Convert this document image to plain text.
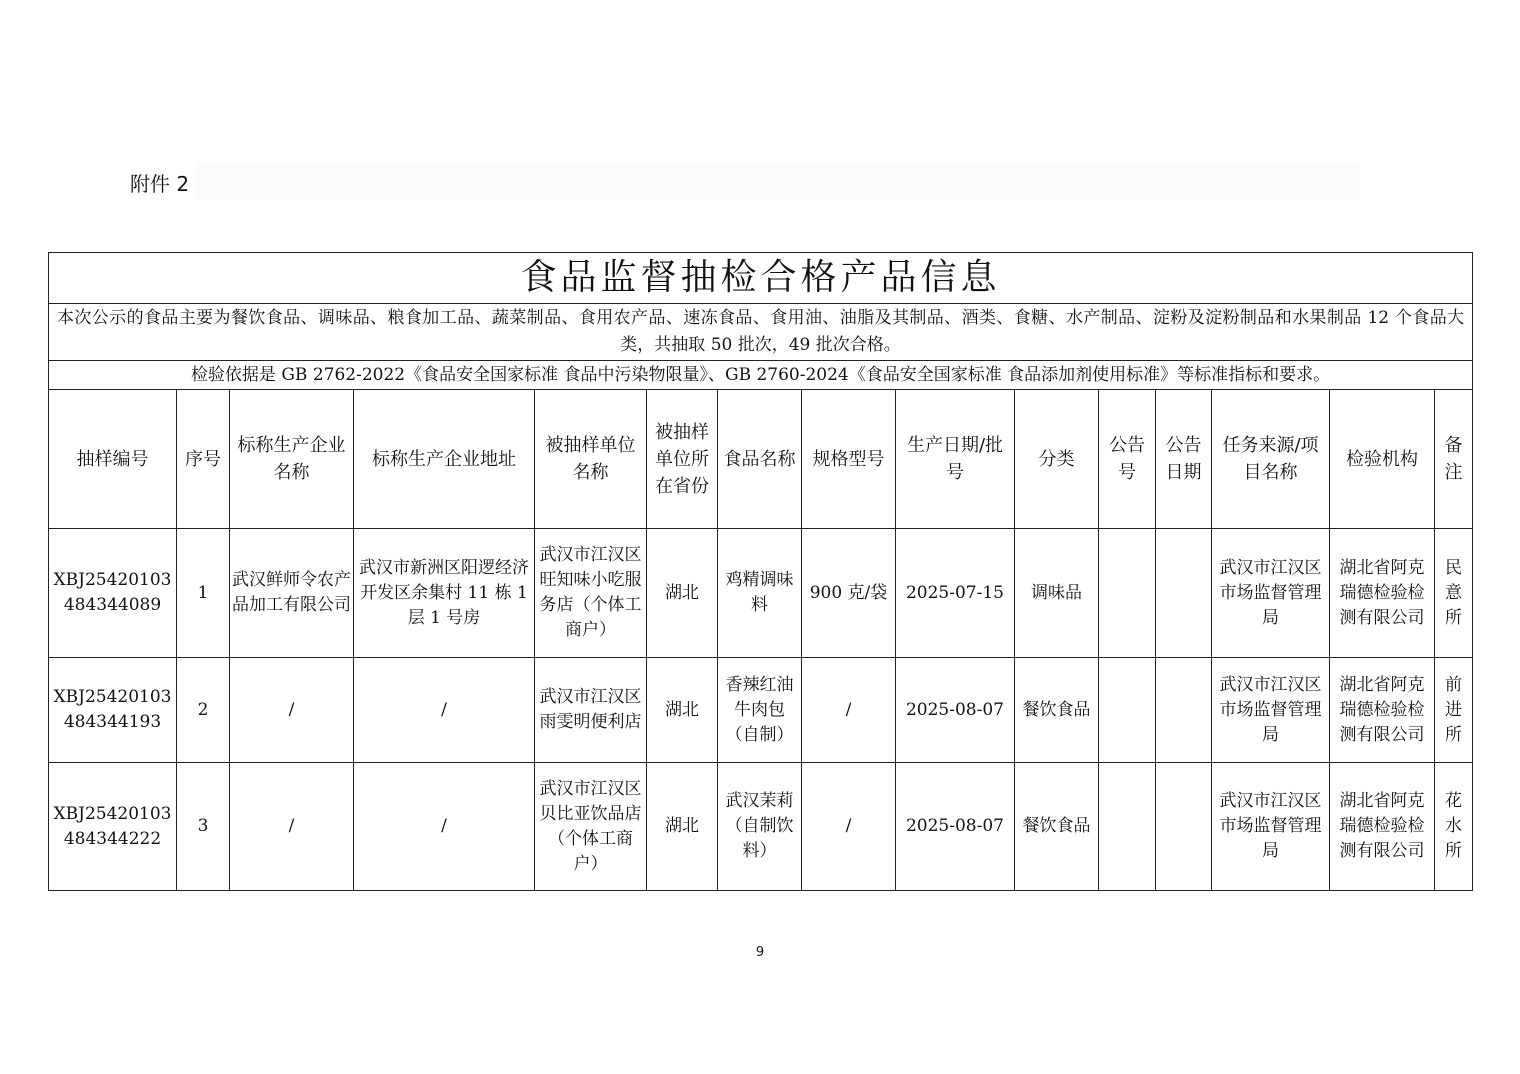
附件 2
食品监督抽检合格产品信息														
本次公示的食品主要为餐饮食品、调味品、粮食加工品、蔬菜制品、食用农产品、速冻食品、食用油、油脂及其制品、酒类、食糖、水产制品、淀粉及淀粉制品和水果制品 12 个食品大类，共抽取 50 批次，49 批次合格。														
检验依据是 GB 2762-2022《食品安全国家标准 食品中污染物限量》、GB 2760-2024《食品安全国家标准 食品添加剂使用标准》等标准指标和要求。														
抽样编号	序号	标称生产企业名称	标称生产企业地址	被抽样单位名称	被抽样单位所在省份	食品名称	规格型号	生产日期/批号	分类	公告号	公告日期	任务来源/项目名称	检验机构	备注
XBJ25420103484344089	1	武汉鲜师令农产品加工有限公司	武汉市新洲区阳逻经济开发区余集村 11 栋 1 层 1 号房	武汉市江汉区旺知味小吃服务店（个体工商户）	湖北	鸡精调味料	900 克/袋	2025-07-15	调味品			武汉市江汉区市场监督管理局	湖北省阿克瑞德检验检测有限公司	民意所
XBJ25420103484344193	2	/	/	武汉市江汉区雨雯明便利店	湖北	香辣红油牛肉包（自制）	/	2025-08-07	餐饮食品			武汉市江汉区市场监督管理局	湖北省阿克瑞德检验检测有限公司	前进所
XBJ25420103484344222	3	/	/	武汉市江汉区贝比亚饮品店（个体工商户）	湖北	武汉茉莉（自制饮料）	/	2025-08-07	餐饮食品			武汉市江汉区市场监督管理局	湖北省阿克瑞德检验检测有限公司	花水所
9
